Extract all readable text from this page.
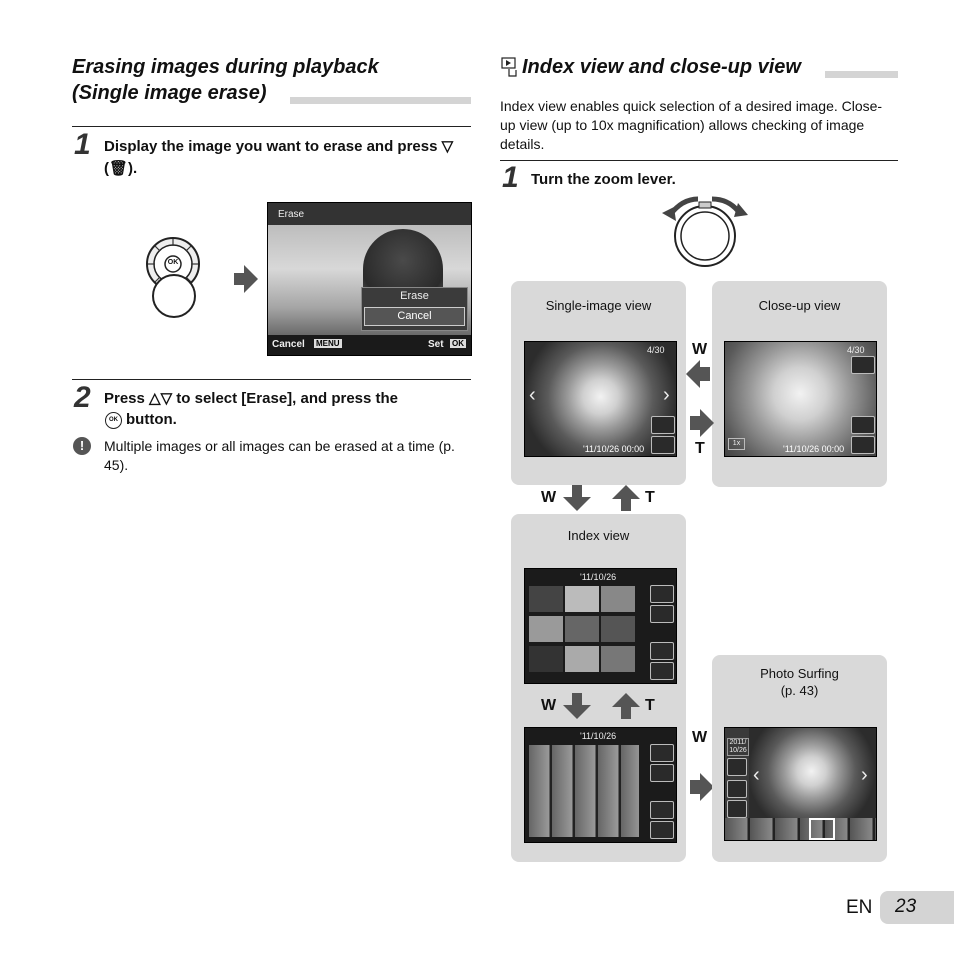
Erasing images during playback
(Single image erase)
1 Display the image you want to erase and press ▽ (🗑).
OK
Erase
Erase
Cancel
Cancel MENU	Set OK
2 Press △▽ to select [Erase], and press the
OK button.
!	Multiple images or all images can be erased at a time (p. 45).
Index view and close-up view
Index view enables quick selection of a desired image. Close-up view (up to 10x magnification) allows checking of image details.
1 Turn the zoom lever.
Single-image view
4/30
'11/10/26 00:00
‹	›
Close-up view
4/30
1x
'11/10/26 00:00
W
T
W	T
Index view
'11/10/26
W	T
'11/10/26	W
Photo Surfing
(p. 43)
2011/ 10/26
‹	›
EN 23
